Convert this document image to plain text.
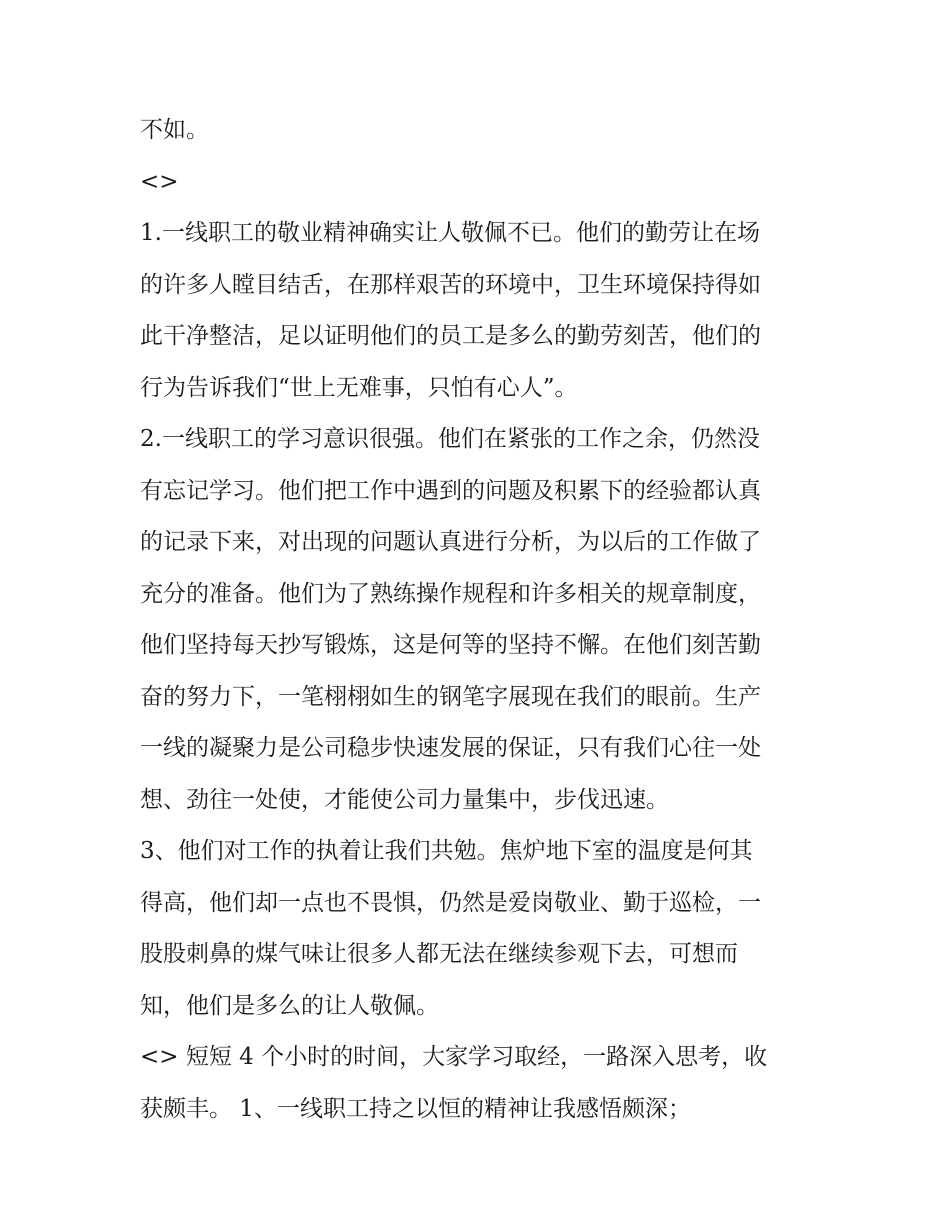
不如。
<>
1.一线职工的敬业精神确实让人敬佩不已。他们的勤劳让在场
的许多人瞠目结舌，在那样艰苦的环境中，卫生环境保持得如
此干净整洁，足以证明他们的员工是多么的勤劳刻苦，他们的
行为告诉我们“世上无难事，只怕有心人”。
2.一线职工的学习意识很强。他们在紧张的工作之余，仍然没
有忘记学习。他们把工作中遇到的问题及积累下的经验都认真
的记录下来，对出现的问题认真进行分析，为以后的工作做了
充分的准备。他们为了熟练操作规程和许多相关的规章制度，
他们坚持每天抄写锻炼，这是何等的坚持不懈。在他们刻苦勤
奋的努力下，一笔栩栩如生的钢笔字展现在我们的眼前。生产
一线的凝聚力是公司稳步快速发展的保证，只有我们心往一处
想、劲往一处使，才能使公司力量集中，步伐迅速。
3、他们对工作的执着让我们共勉。焦炉地下室的温度是何其
得高，他们却一点也不畏惧，仍然是爱岗敬业、勤于巡检，一
股股刺鼻的煤气味让很多人都无法在继续参观下去，可想而
知，他们是多么的让人敬佩。
<> 短短 4 个小时的时间，大家学习取经，一路深入思考，收
获颇丰。 1、一线职工持之以恒的精神让我感悟颇深；
